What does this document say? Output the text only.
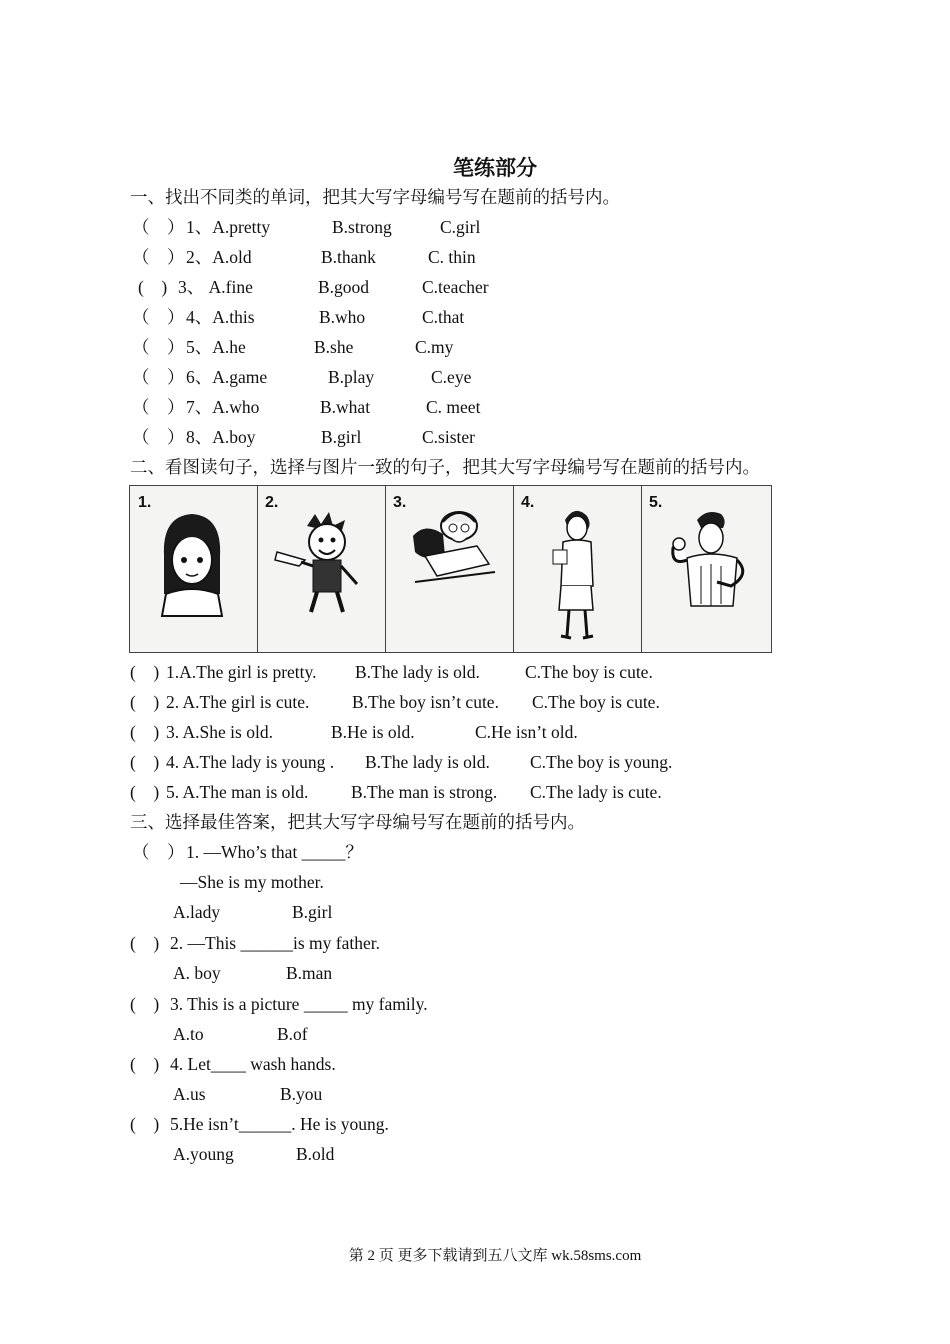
笔练部分
一、找出不同类的单词，把其大写字母编号写在题前的括号内。

（　）

1、A.pretty

	B.strong

	C.girl

（　）

2、A.old

	B.thank

	C. thin

(　)

3、 A.fine

	B.good

	C.teacher

（　）

4、A.this

	B.who

	C.that

（　）

5、A.he

	B.she

	C.my

（　）

6、A.game

	B.play

	C.eye

（　）

7、A.who

	B.what

	C. meet

（　）

8、A.boy

	B.girl

	C.sister

二、看图读句子，选择与图片一致的句子，把其大写字母编号写在题前的括号内。
1.	2.	3.	4.	5.

(    )

1.A.The girl is pretty.

B.The lady is old.

	C.The boy is cute.

(    )

2. A.The girl is cute.

B.The boy isn’t cute.

C.The boy is cute.

(    )

3. A.She is old.

	B.He is old.

	C.He isn’t old.

(    )

4. A.The lady is young .

B.The lady is old.

C.The boy is young.

(    )

5. A.The man is old.

B.The man is strong.

C.The lady is cute.

三、选择最佳答案，把其大写字母编号写在题前的括号内。

（　）

1. —Who’s that _____？

—She is my mother.

A.lady

	B.girl

(    )

2. —This ______is my father.

A. boy

	B.man

(    )

3. This is a picture _____ my family.

A.to

	B.of

(    )

4. Let____ wash hands.

A.us

	B.you

(    )

5.He isn’t______. He is young.

A.young

	B.old

第 2 页 更多下载请到五八文库 wk.58sms.com
